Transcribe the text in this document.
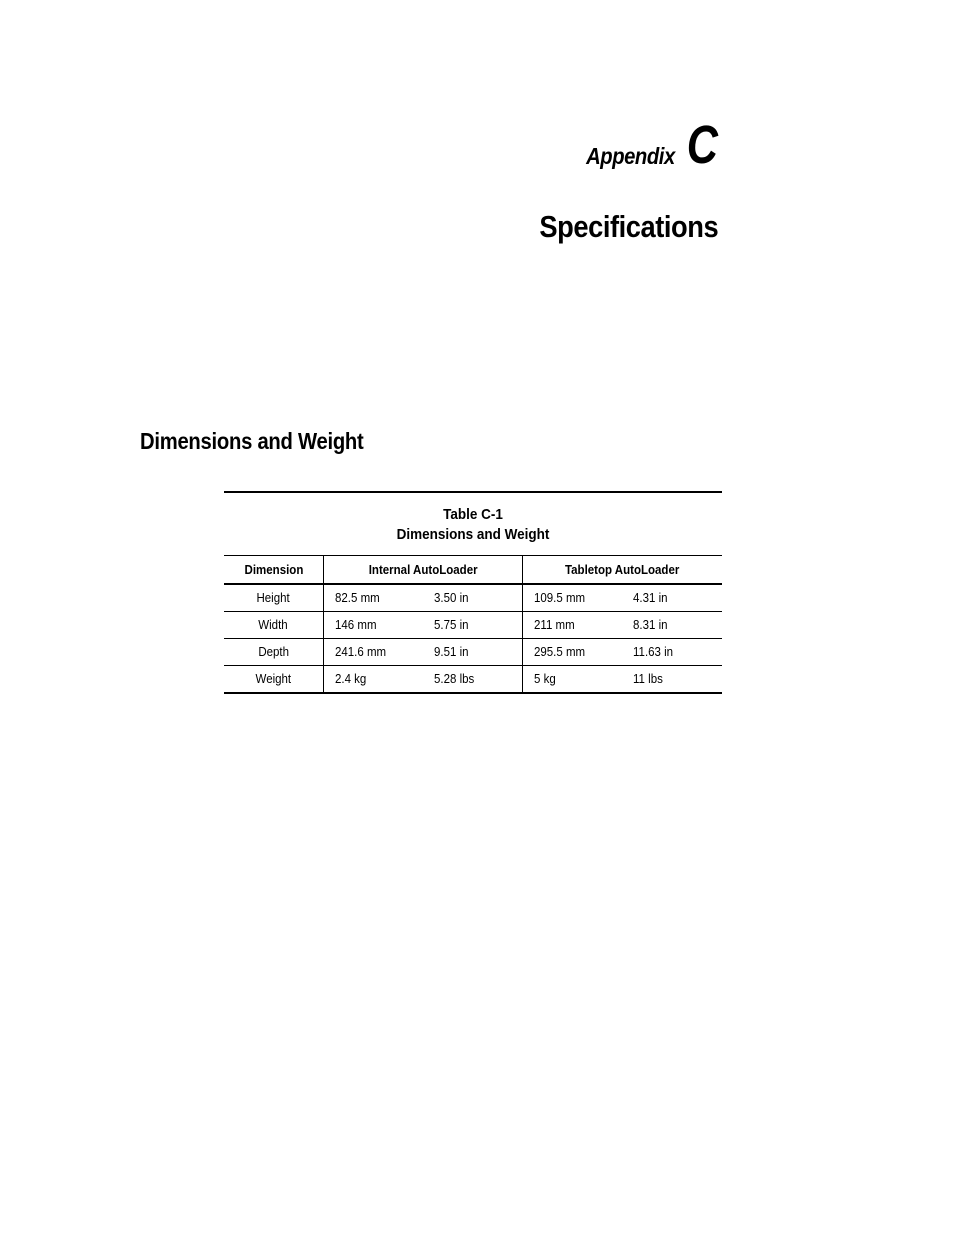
Appendix C
Specifications
Dimensions and Weight
Table C-1
Dimensions and Weight
Dimension	Internal AutoLoader		Tabletop AutoLoader	
Height	82.5 mm	3.50 in	109.5 mm	4.31 in
Width	146 mm	5.75 in	211 mm	8.31 in
Depth	241.6 mm	9.51 in	295.5 mm	11.63 in
Weight	2.4 kg	5.28 lbs	5 kg	11 lbs
